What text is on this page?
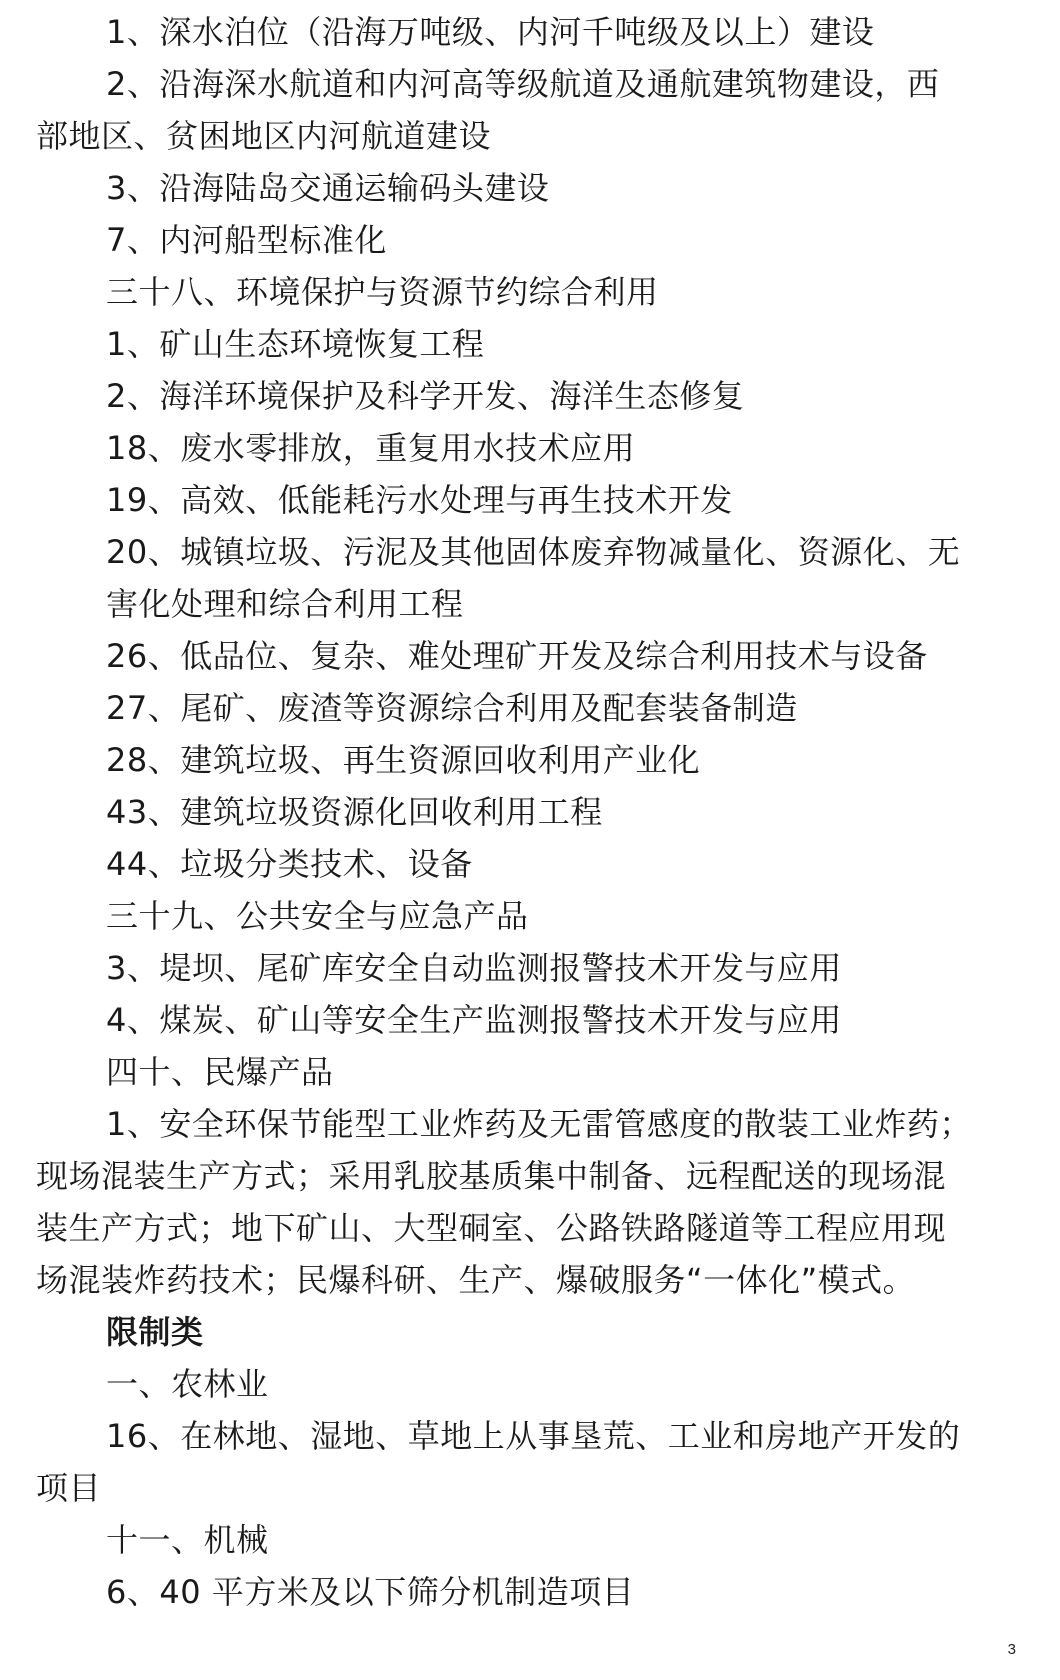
1、深水泊位（沿海万吨级、内河千吨级及以上）建设
2、沿海深水航道和内河高等级航道及通航建筑物建设，西
部地区、贫困地区内河航道建设
3、沿海陆岛交通运输码头建设
7、内河船型标准化
三十八、环境保护与资源节约综合利用
1、矿山生态环境恢复工程
2、海洋环境保护及科学开发、海洋生态修复
18、废水零排放，重复用水技术应用
19、高效、低能耗污水处理与再生技术开发
20、城镇垃圾、污泥及其他固体废弃物减量化、资源化、无
害化处理和综合利用工程
26、低品位、复杂、难处理矿开发及综合利用技术与设备
27、尾矿、废渣等资源综合利用及配套装备制造
28、建筑垃圾、再生资源回收利用产业化
43、建筑垃圾资源化回收利用工程
44、垃圾分类技术、设备
三十九、公共安全与应急产品
3、堤坝、尾矿库安全自动监测报警技术开发与应用
4、煤炭、矿山等安全生产监测报警技术开发与应用
四十、民爆产品
1、安全环保节能型工业炸药及无雷管感度的散装工业炸药；
现场混装生产方式；采用乳胶基质集中制备、远程配送的现场混
装生产方式；地下矿山、大型硐室、公路铁路隧道等工程应用现
场混装炸药技术；民爆科研、生产、爆破服务“一体化”模式。
限制类
一、农林业
16、在林地、湿地、草地上从事垦荒、工业和房地产开发的
项目
十一、机械
6、40 平方米及以下筛分机制造项目
3
